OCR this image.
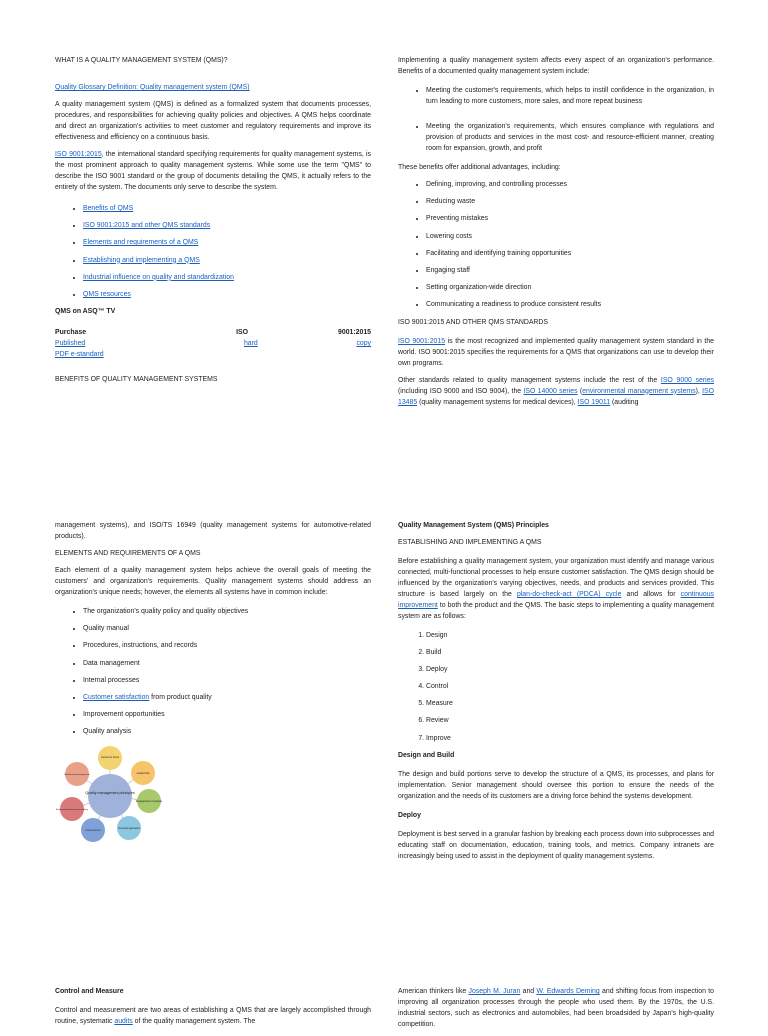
WHAT IS A QUALITY MANAGEMENT SYSTEM (QMS)?

Quality Glossary Definition: Quality management system (QMS)

A quality management system (QMS) is defined as a formalized system that documents processes, procedures, and responsibilities for achieving quality policies and objectives. A QMS helps coordinate and direct an organization's activities to meet customer and regulatory requirements and improve its effectiveness and efficiency on a continuous basis.

ISO 9001:2015, the international standard specifying requirements for quality management systems, is the most prominent approach to quality management systems. While some use the term "QMS" to describe the ISO 9001 standard or the group of documents detailing the QMS, it actually refers to the entirety of the system. The documents only serve to describe the system.

• Benefits of QMS
• ISO 9001:2015 and other QMS standards
• Elements and requirements of a QMS
• Establishing and implementing a QMS
• Industrial influence on quality and standardization
• QMS resources

QMS on ASQ™ TV

Purchase	ISO	9001:2015
Published	hard	copy

PDF e-standard

BENEFITS OF QUALITY MANAGEMENT SYSTEMS

Implementing a quality management system affects every aspect of an organization's performance. Benefits of a documented quality management system include:

• Meeting the customer's requirements, which helps to instill confidence in the organization, in turn leading to more customers, more sales, and more repeat business
• Meeting the organization's requirements, which ensures compliance with regulations and provision of products and services in the most cost- and resource-efficient manner, creating room for expansion, growth, and profit

These benefits offer additional advantages, including:

• Defining, improving, and controlling processes
• Reducing waste
• Preventing mistakes
• Lowering costs
• Facilitating and identifying training opportunities
• Engaging staff
• Setting organization-wide direction
• Communicating a readiness to produce consistent results

ISO 9001:2015 AND OTHER QMS STANDARDS

ISO 9001:2015 is the most recognized and implemented quality management system standard in the world. ISO 9001:2015 specifies the requirements for a QMS that organizations can use to develop their own programs.

Other standards related to quality management systems include the rest of the ISO 9000 series (including ISO 9000 and ISO 9004), the ISO 14000 series (environmental management systems), ISO 13485 (quality management systems for medical devices), ISO 19011 (auditing

management systems), and ISO/TS 16949 (quality management systems for automotive-related products).

ELEMENTS AND REQUIREMENTS OF A QMS

Each element of a quality management system helps achieve the overall goals of meeting the customers' and organization's requirements. Quality management systems should address an organization's unique needs; however, the elements all systems have in common include:

• The organization's quality policy and quality objectives
• Quality manual
• Procedures, instructions, and records
• Data management
• Internal processes
• Customer satisfaction from product quality
• Improvement opportunities
• Quality analysis
Quality management principles
Customer focus
Leadership
Engagement of people
Process approach
Improvement
Evidence-based decision making
Relationship management

Quality Management System (QMS) Principles

ESTABLISHING AND IMPLEMENTING A QMS

Before establishing a quality management system, your organization must identify and manage various connected, multi-functional processes to help ensure customer satisfaction. The QMS design should be influenced by the organization's varying objectives, needs, and products and services provided. This structure is based largely on the plan-do-check-act (PDCA) cycle and allows for continuous improvement to both the product and the QMS. The basic steps to implementing a quality management system are as follows:

1. Design
2. Build
3. Deploy
4. Control
5. Measure
6. Review
7. Improve

Design and Build

The design and build portions serve to develop the structure of a QMS, its processes, and plans for implementation. Senior management should oversee this portion to ensure the needs of the organization and the needs of its customers are a driving force behind the systems development.

Deploy

Deployment is best served in a granular fashion by breaking each process down into subprocesses and educating staff on documentation, education, training tools, and metrics. Company intranets are increasingly being used to assist in the deployment of quality management systems.

Control and Measure

Control and measurement are two areas of establishing a QMS that are largely accomplished through routine, systematic audits of the quality management system. The

American thinkers like Joseph M. Juran and W. Edwards Deming and shifting focus from inspection to improving all organization processes through the people who used them. By the 1970s, the U.S. industrial sectors, such as electronics and automobiles, had been broadsided by Japan's high-quality competition.
